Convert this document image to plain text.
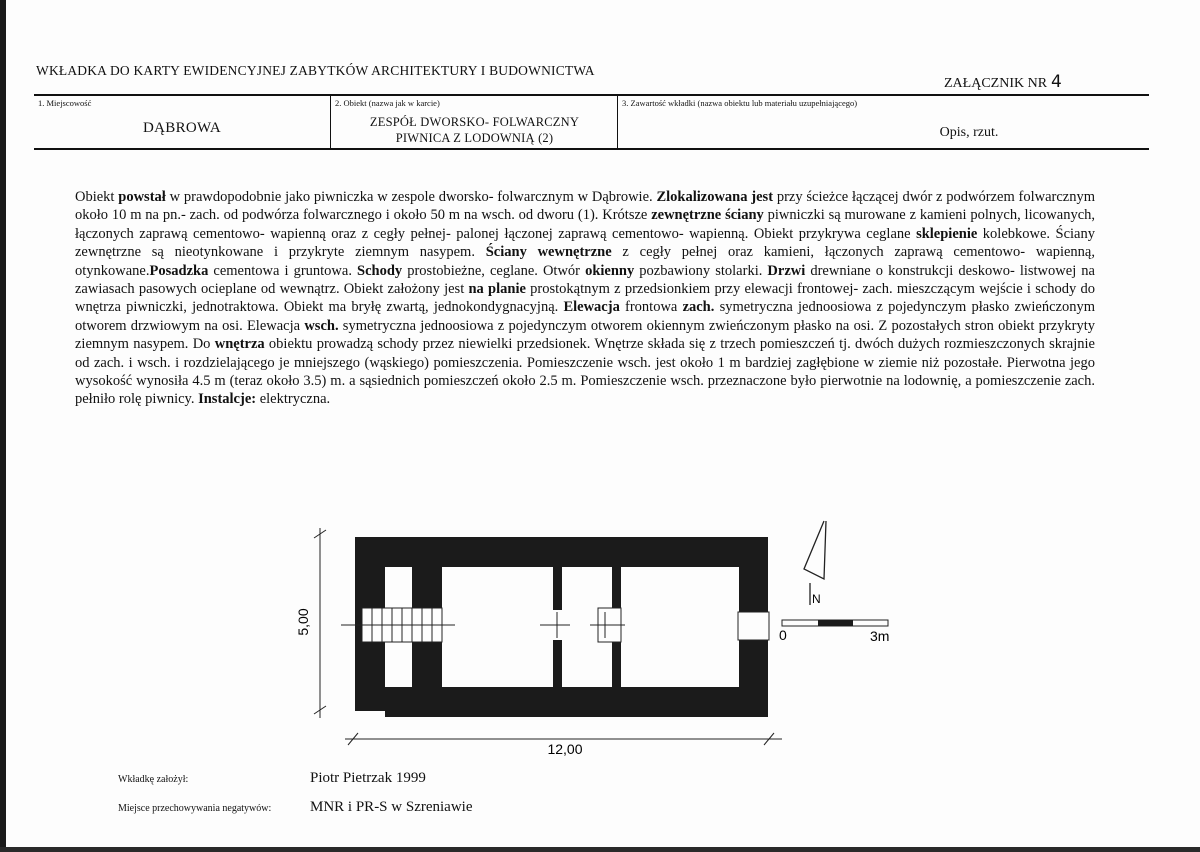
WKŁADKA DO KARTY EWIDENCYJNEJ ZABYTKÓW ARCHITEKTURY I BUDOWNICTWA
ZAŁĄCZNIK NR 4
1. Miejscowość
DĄBROWA
2. Obiekt (nazwa jak w karcie)
ZESPÓŁ DWORSKO- FOLWARCZNY
PIWNICA Z LODOWNIĄ (2)
3. Zawartość wkładki (nazwa obiektu lub materiału uzupełniającego)
Opis, rzut.
Obiekt powstał w prawdopodobnie jako piwniczka w zespole dworsko- folwarcznym w Dąbrowie. Zlokalizowana jest przy ścieżce łączącej dwór z podwórzem folwarcznym około 10 m na pn.- zach. od podwórza folwarcznego i około 50 m na wsch. od dworu (1). Krótsze zewnętrzne ściany piwniczki są murowane z kamieni polnych, licowanych, łączonych zaprawą cementowo- wapienną oraz z cegły pełnej- palonej łączonej zaprawą cementowo- wapienną. Obiekt przykrywa ceglane sklepienie kolebkowe. Ściany zewnętrzne są nieotynkowane i przykryte ziemnym nasypem. Ściany wewnętrzne z cegły pełnej oraz kamieni, łączonych zaprawą cementowo- wapienną, otynkowane.Posadzka cementowa i gruntowa. Schody prostobieżne, ceglane. Otwór okienny pozbawiony stolarki. Drzwi drewniane o konstrukcji deskowo- listwowej na zawiasach pasowych ocieplane od wewnątrz. Obiekt założony jest na planie prostokątnym z przedsionkiem przy elewacji frontowej- zach. mieszczącym wejście i schody do wnętrza piwniczki, jednotraktowa. Obiekt ma bryłę zwartą, jednokondygnacyjną. Elewacja frontowa zach. symetryczna jednoosiowa z pojedynczym płasko zwieńczonym otworem drzwiowym na osi. Elewacja wsch. symetryczna jednoosiowa z pojedynczym otworem okiennym zwieńczonym płasko na osi. Z pozostałych stron obiekt przykryty ziemnym nasypem. Do wnętrza obiektu prowadzą schody przez niewielki przedsionek. Wnętrze składa się z trzech pomieszczeń tj. dwóch dużych rozmieszczonych skrajnie od zach. i wsch. i rozdzielającego je mniejszego (wąskiego) pomieszczenia. Pomieszczenie wsch. jest około 1 m bardziej zagłębione w ziemie niż pozostałe. Pierwotna jego wysokość wynosiła 4.5 m (teraz około 3.5) m. a sąsiednich pomieszczeń około 2.5 m. Pomieszczenie wsch. przeznaczone było pierwotnie na lodownię, a pomieszczenie zach. pełniło rolę piwnicy. Instalcje: elektryczna.
5,00
12,00
N
0	3m
Wkładkę założył:	Piotr Pietrzak 1999
Miejsce przechowywania negatywów:	MNR i PR-S w Szreniawie
